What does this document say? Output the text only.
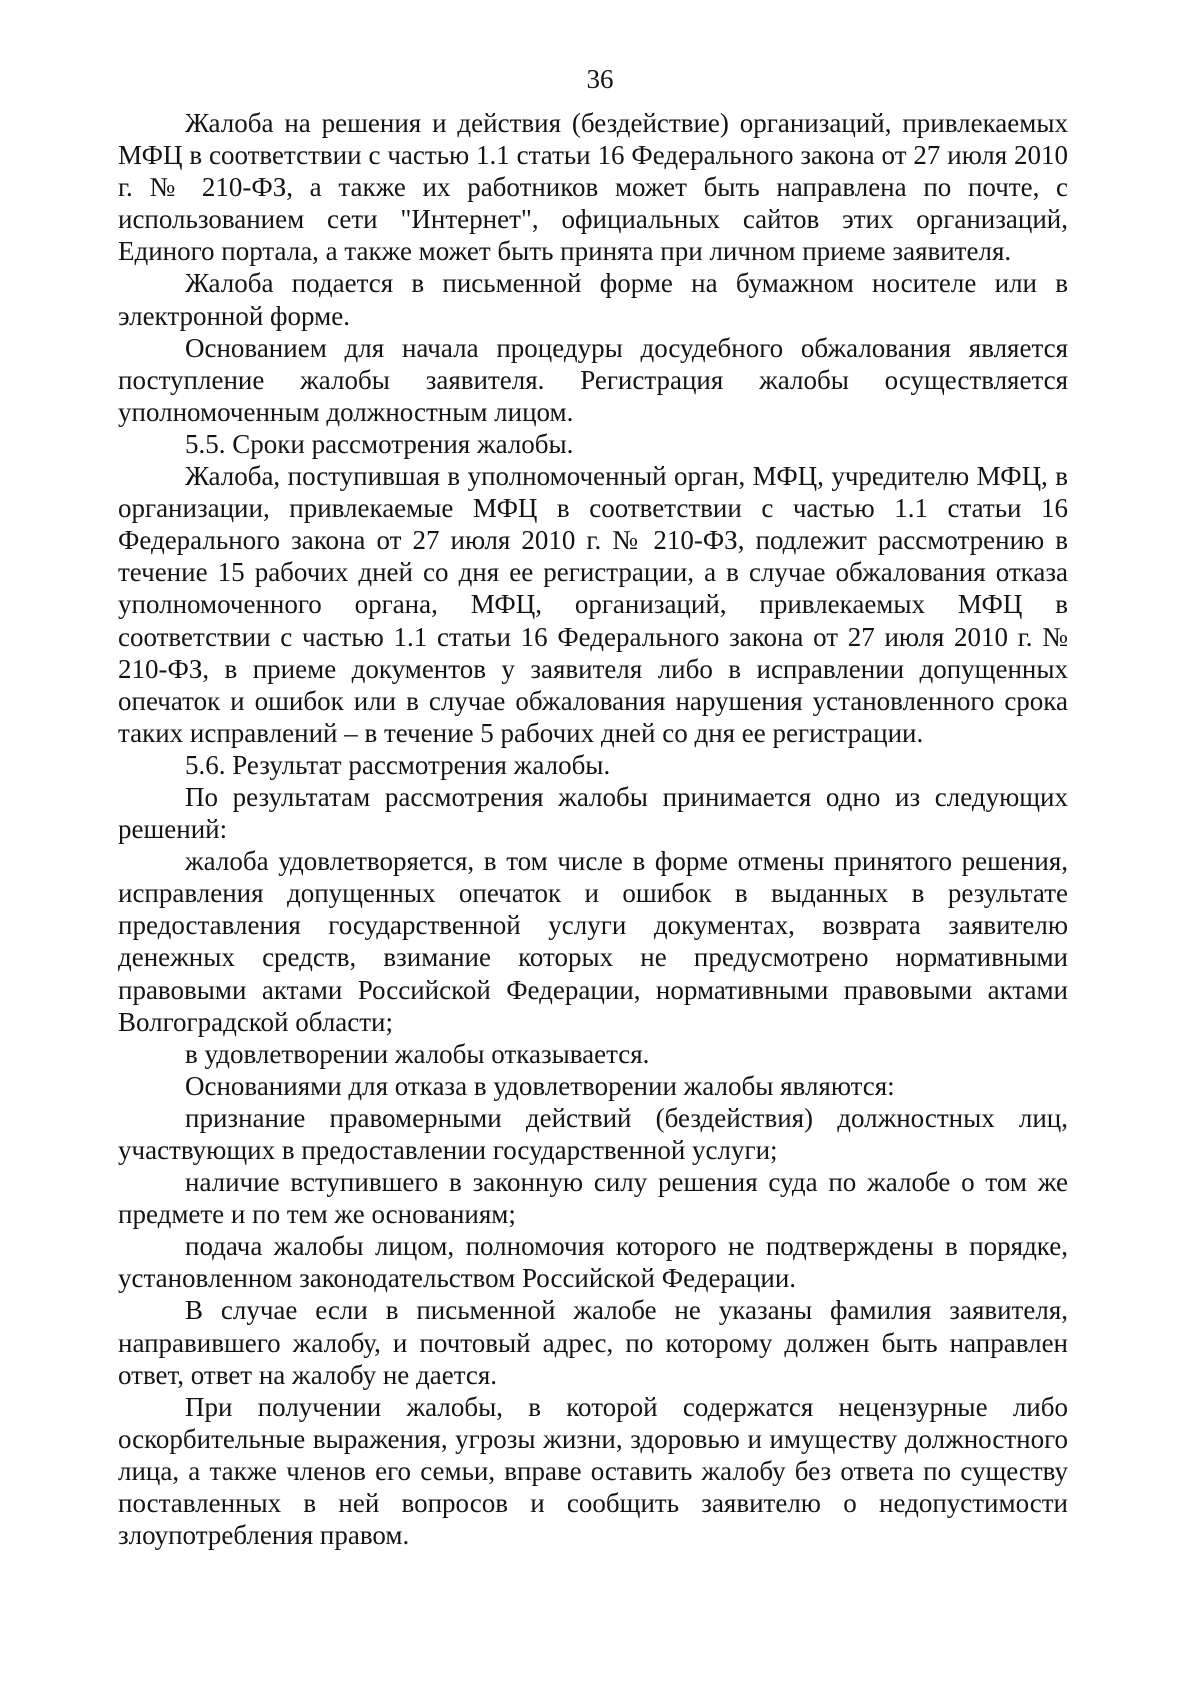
36

Жалоба на решения и действия (бездействие) организаций, привлекаемых МФЦ в соответствии с частью 1.1 статьи 16 Федерального закона от 27 июля 2010 г. № 210-ФЗ, а также их работников может быть направлена по почте, с использованием сети "Интернет", официальных сайтов этих организаций, Единого портала, а также может быть принята при личном приеме заявителя.

Жалоба подается в письменной форме на бумажном носителе или в электронной форме.

Основанием для начала процедуры досудебного обжалования является поступление жалобы заявителя. Регистрация жалобы осуществляется уполномоченным должностным лицом.

5.5. Сроки рассмотрения жалобы.

Жалоба, поступившая в уполномоченный орган, МФЦ, учредителю МФЦ, в организации, привлекаемые МФЦ в соответствии с частью 1.1 статьи 16 Федерального закона от 27 июля 2010 г. № 210-ФЗ, подлежит рассмотрению в течение 15 рабочих дней со дня ее регистрации, а в случае обжалования отказа уполномоченного органа, МФЦ, организаций, привлекаемых МФЦ в соответствии с частью 1.1 статьи 16 Федерального закона от 27 июля 2010 г. № 210-ФЗ, в приеме документов у заявителя либо в исправлении допущенных опечаток и ошибок или в случае обжалования нарушения установленного срока таких исправлений – в течение 5 рабочих дней со дня ее регистрации.

5.6. Результат рассмотрения жалобы.

По результатам рассмотрения жалобы принимается одно из следующих решений:

жалоба удовлетворяется, в том числе в форме отмены принятого решения, исправления допущенных опечаток и ошибок в выданных в результате предоставления государственной услуги документах, возврата заявителю денежных средств, взимание которых не предусмотрено нормативными правовыми актами Российской Федерации, нормативными правовыми актами Волгоградской области;

в удовлетворении жалобы отказывается.

Основаниями для отказа в удовлетворении жалобы являются:

признание правомерными действий (бездействия) должностных лиц, участвующих в предоставлении государственной услуги;

наличие вступившего в законную силу решения суда по жалобе о том же предмете и по тем же основаниям;

подача жалобы лицом, полномочия которого не подтверждены в порядке, установленном законодательством Российской Федерации.

В случае если в письменной жалобе не указаны фамилия заявителя, направившего жалобу, и почтовый адрес, по которому должен быть направлен ответ, ответ на жалобу не дается.

При получении жалобы, в которой содержатся нецензурные либо оскорбительные выражения, угрозы жизни, здоровью и имуществу должностного лица, а также членов его семьи, вправе оставить жалобу без ответа по существу поставленных в ней вопросов и сообщить заявителю о недопустимости злоупотребления правом.
